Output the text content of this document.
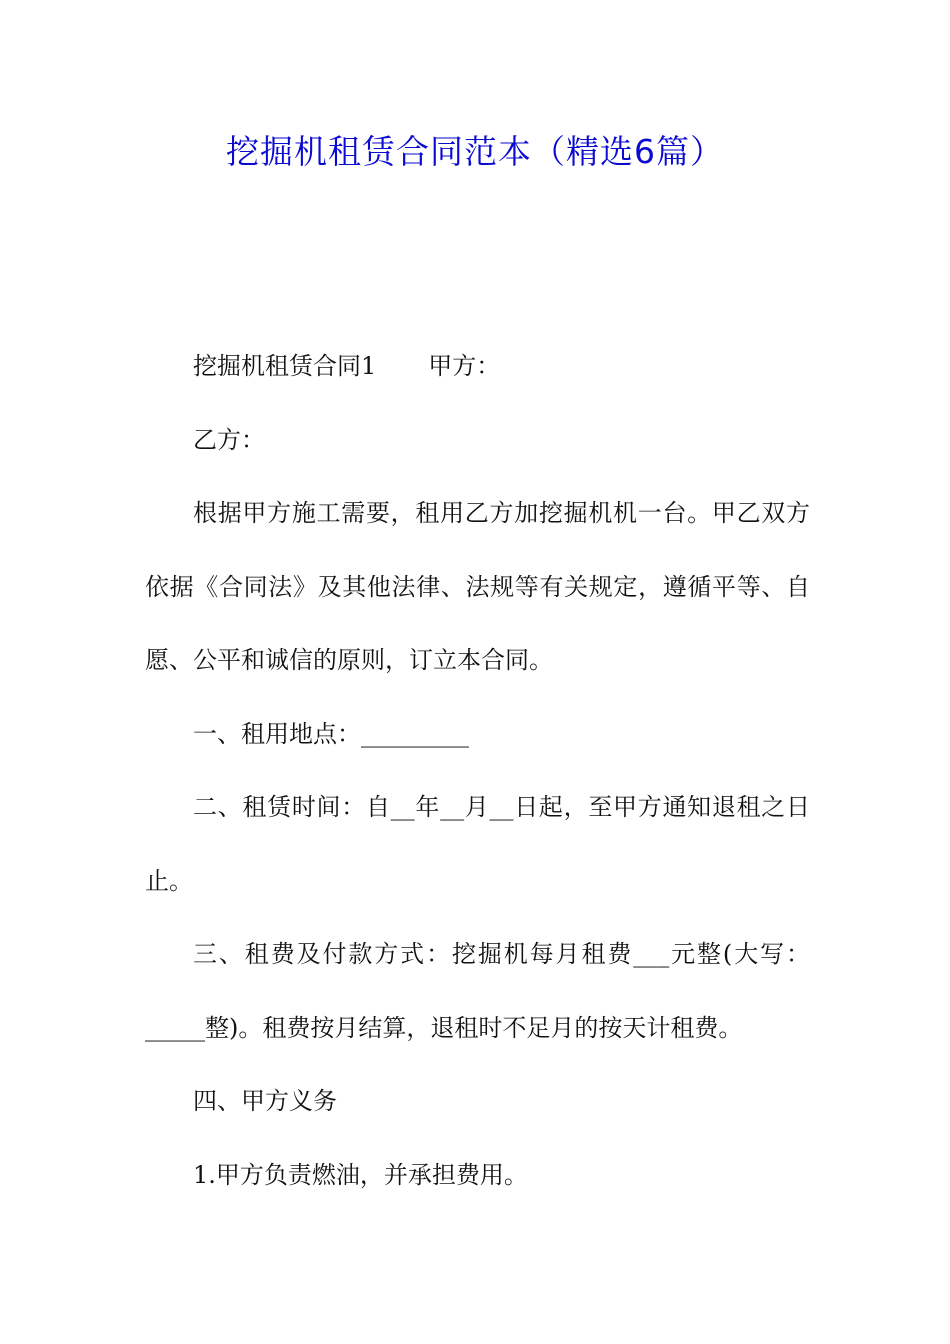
挖掘机租赁合同范本（精选6篇）

挖掘机租赁合同1 甲方：

乙方：

根据甲方施工需要，租用乙方加挖掘机机一台。甲乙双方依据《合同法》及其他法律、法规等有关规定，遵循平等、自愿、公平和诚信的原则，订立本合同。

一、租用地点：_________

二、租赁时间：自__年__月__日起，至甲方通知退租之日止。

三、租费及付款方式：挖掘机每月租费___元整(大写：_____整)。租费按月结算，退租时不足月的按天计租费。

四、甲方义务

1.甲方负责燃油，并承担费用。
